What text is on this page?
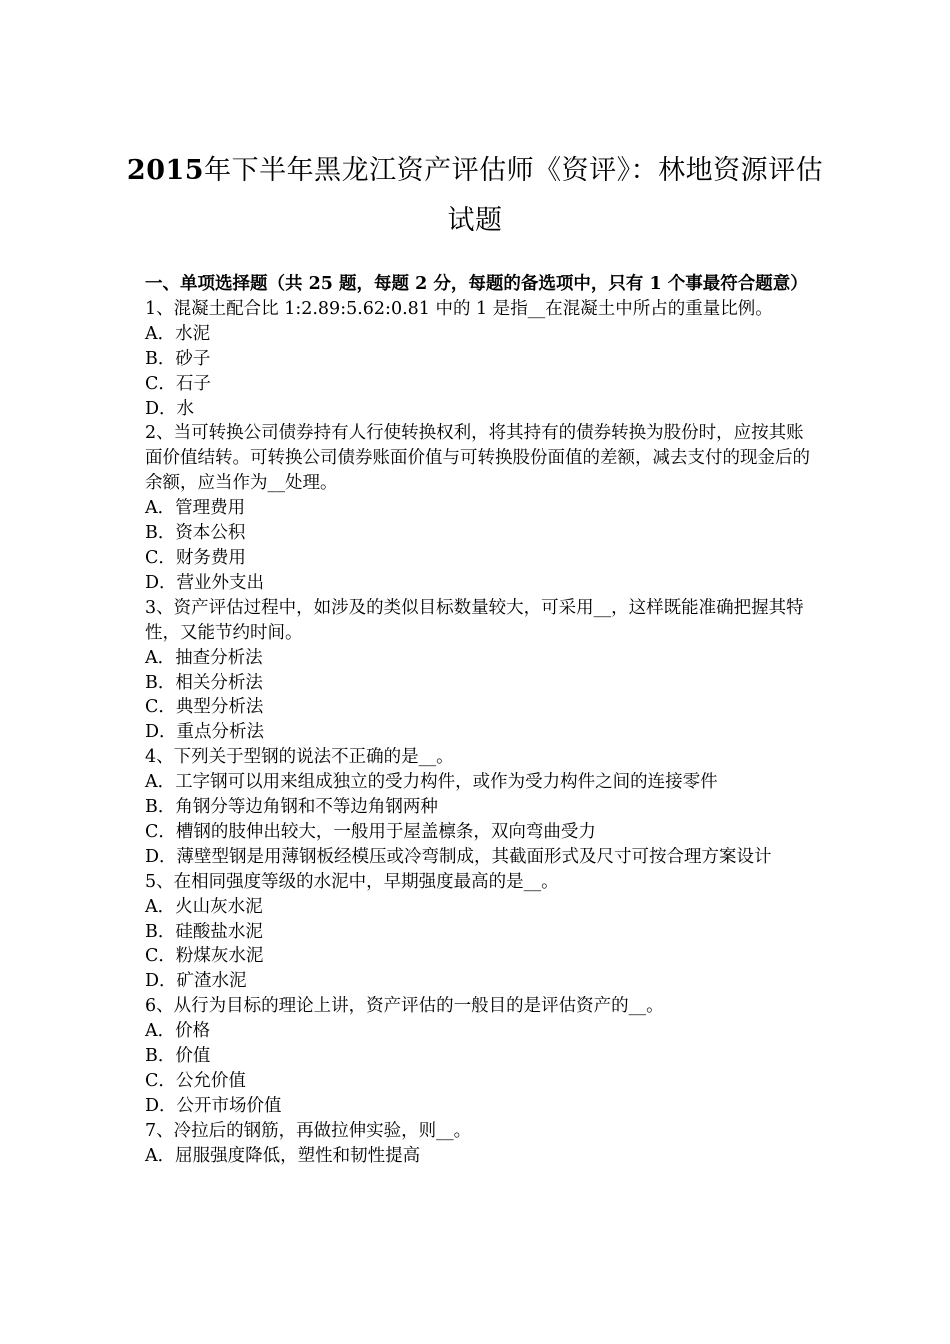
2015年下半年黑龙江资产评估师《资评》：林地资源评估
试题
一、单项选择题（共 25 题，每题 2 分，每题的备选项中，只有 1 个事最符合题意）
1、混凝土配合比 1:2.89:5.62:0.81 中的 1 是指__在混凝土中所占的重量比例。
A．水泥
B．砂子
C．石子
D．水
2、当可转换公司债券持有人行使转换权利，将其持有的债券转换为股份时，应按其账面价值结转。可转换公司债券账面价值与可转换股份面值的差额，减去支付的现金后的余额，应当作为__处理。
A．管理费用
B．资本公积
C．财务费用
D．营业外支出
3、资产评估过程中，如涉及的类似目标数量较大，可采用__，这样既能准确把握其特性，又能节约时间。
A．抽查分析法
B．相关分析法
C．典型分析法
D．重点分析法
4、下列关于型钢的说法不正确的是__。
A．工字钢可以用来组成独立的受力构件，或作为受力构件之间的连接零件
B．角钢分等边角钢和不等边角钢两种
C．槽钢的肢伸出较大，一般用于屋盖檩条，双向弯曲受力
D．薄壁型钢是用薄钢板经模压或冷弯制成，其截面形式及尺寸可按合理方案设计
5、在相同强度等级的水泥中，早期强度最高的是__。
A．火山灰水泥
B．硅酸盐水泥
C．粉煤灰水泥
D．矿渣水泥
6、从行为目标的理论上讲，资产评估的一般目的是评估资产的__。
A．价格
B．价值
C．公允价值
D．公开市场价值
7、冷拉后的钢筋，再做拉伸实验，则__。
A．屈服强度降低，塑性和韧性提高
